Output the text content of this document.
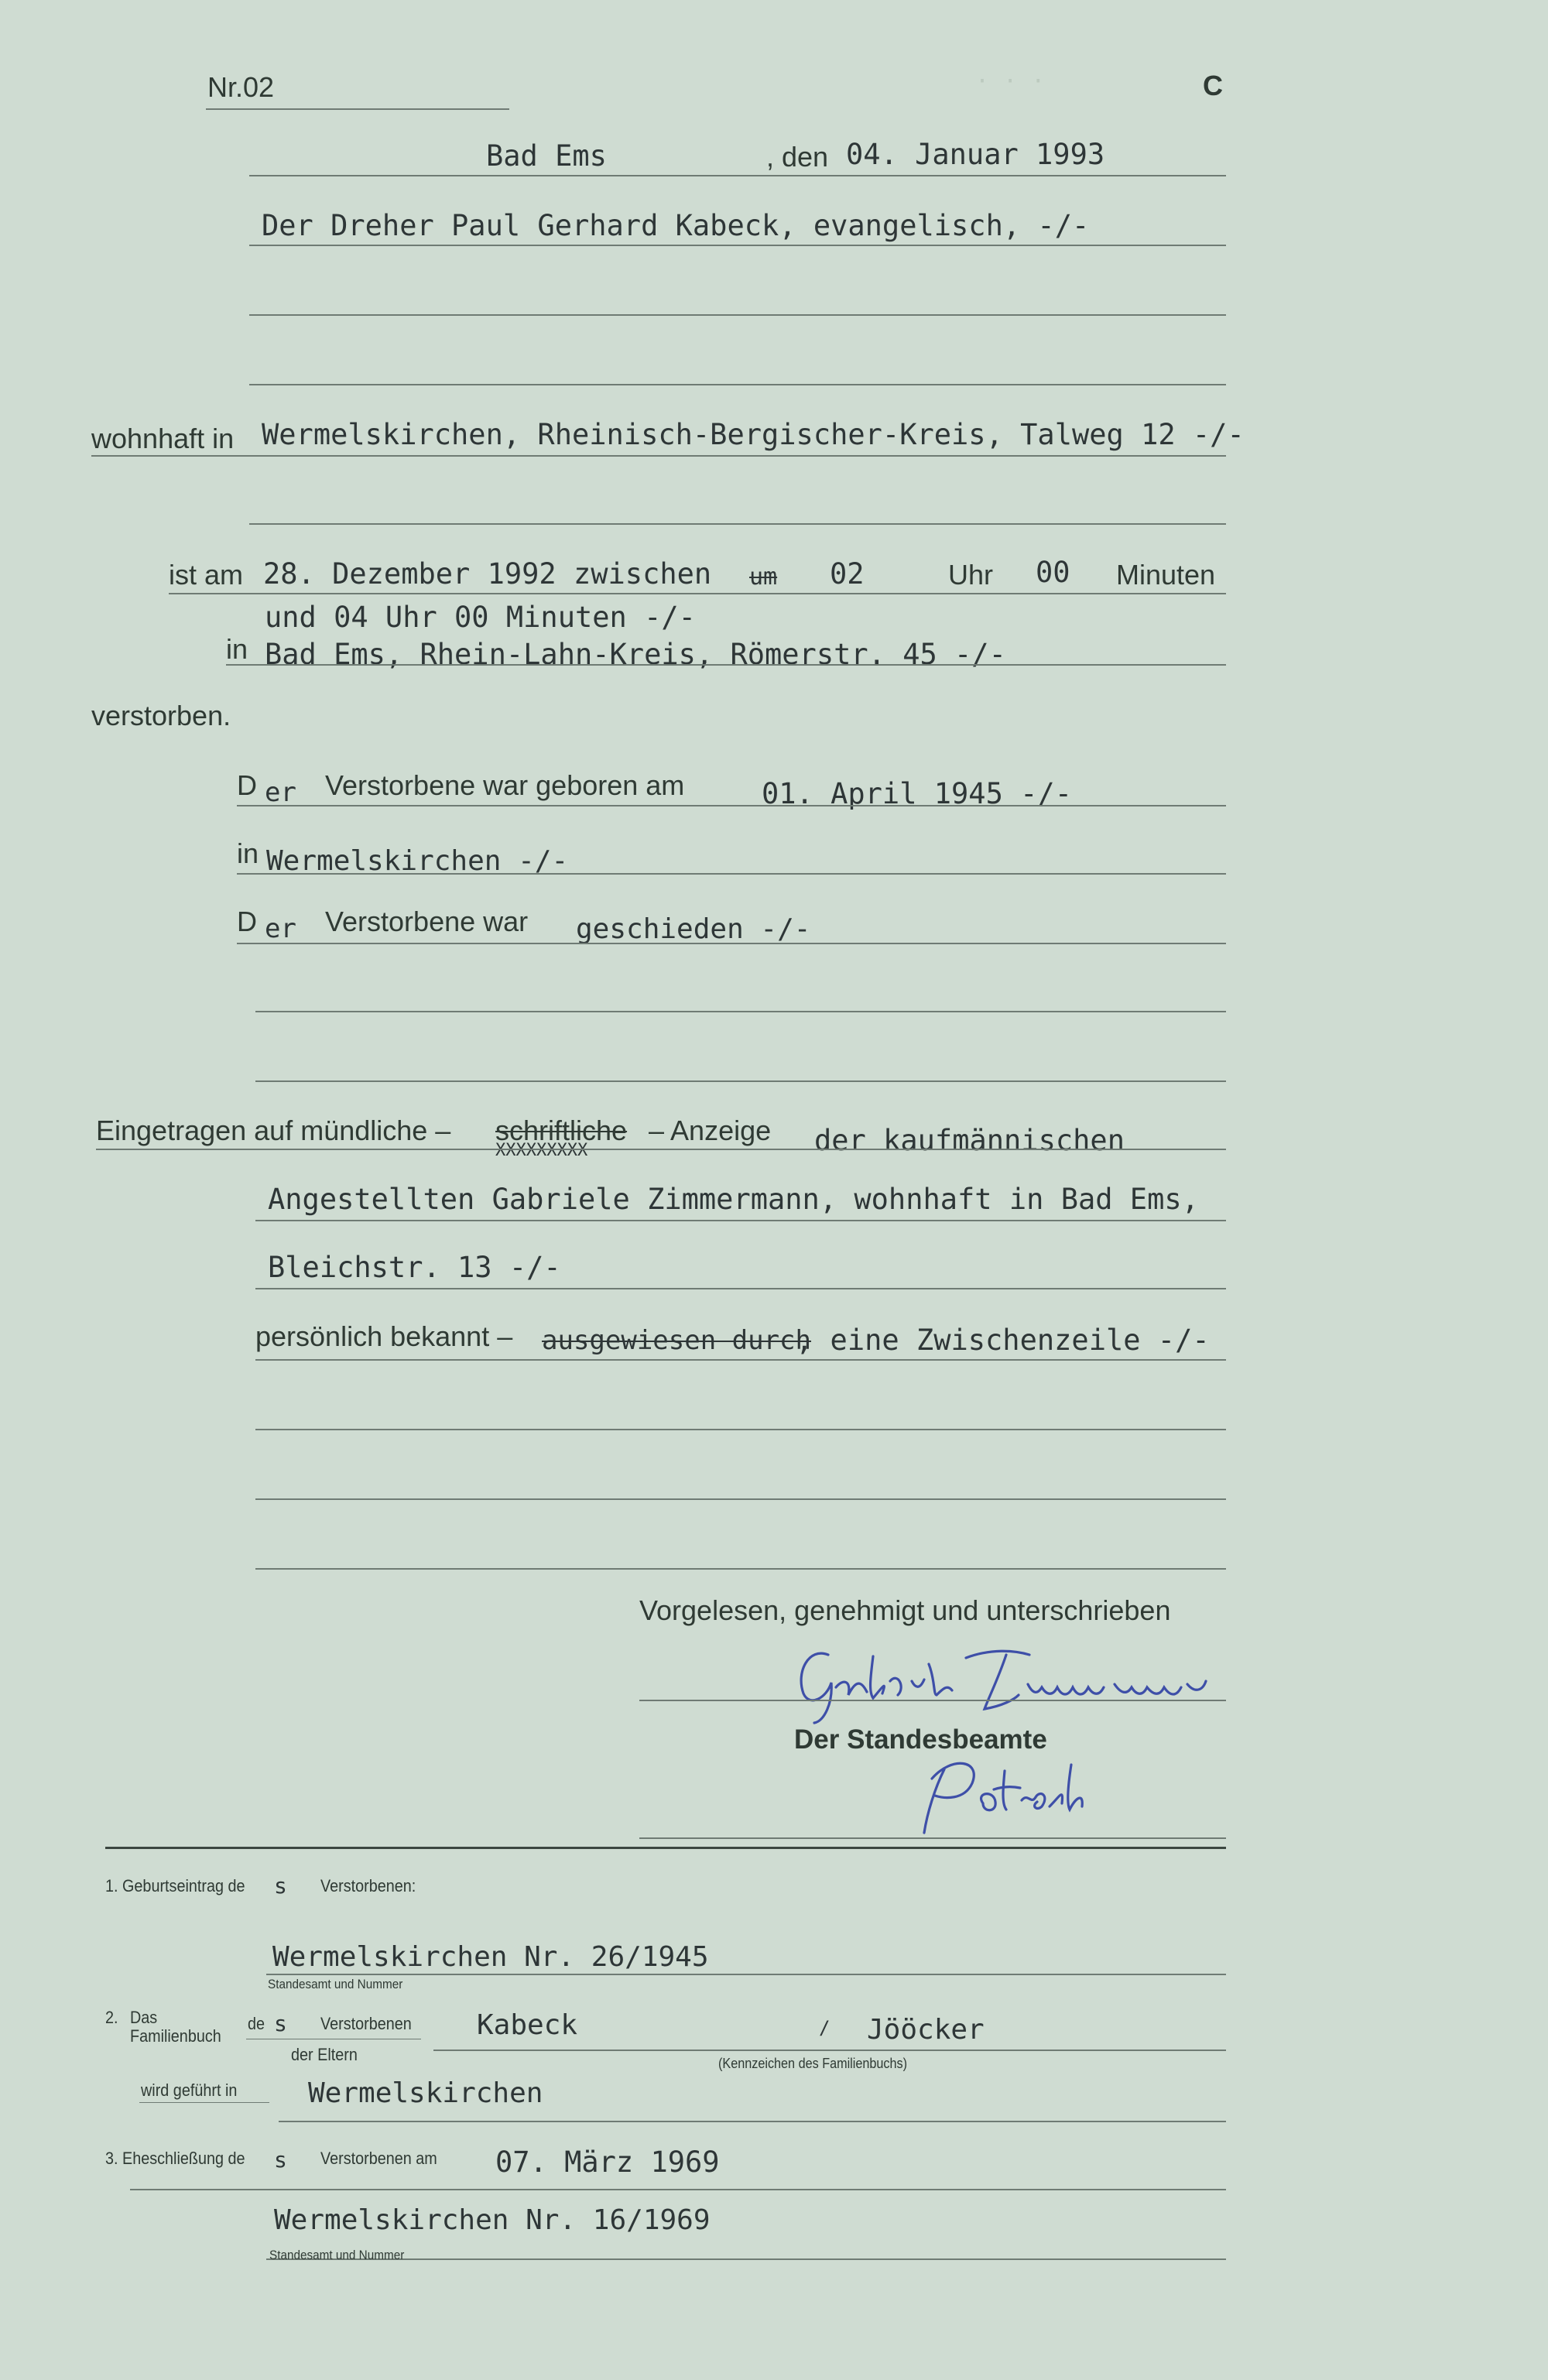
· · ·
Nr.02	C
Bad Ems	, den 04. Januar 1993
Der Dreher Paul Gerhard Kabeck, evangelisch, -/-
wohnhaft in Wermelskirchen, Rheinisch-Bergischer-Kreis, Talweg 12 -/-
ist am 28. Dezember 1992 zwischen um 02	Uhr 00 Minuten
und 04 Uhr 00 Minuten -/-
in Bad Ems, Rhein-Lahn-Kreis, Römerstr. 45 -/-
verstorben.
D er Verstorbene war geboren am	01. April 1945 -/-
in Wermelskirchen -/-
D er Verstorbene war geschieden -/-
Eingetragen auf mündliche – schriftliche
XXXXXXXXX
– Anzeige der kaufmännischen
Angestellten Gabriele Zimmermann, wohnhaft in Bad Ems,
Bleichstr. 13 -/-
persönlich bekannt – ausgewiesen durch
, eine Zwischenzeile -/-
Vorgelesen, genehmigt und unterschrieben
Der Standesbeamte
1. Geburtseintrag de s Verstorbenen:
Wermelskirchen Nr. 26/1945
Standesamt und Nummer
2. Das
Familienbuch
de s Verstorbenen
der Eltern
Kabeck	/ Jööcker
(Kennzeichen des Familienbuchs)
wird geführt in	Wermelskirchen
3. Eheschließung de s Verstorbenen am 07. März 1969
Wermelskirchen Nr. 16/1969
Standesamt und Nummer
